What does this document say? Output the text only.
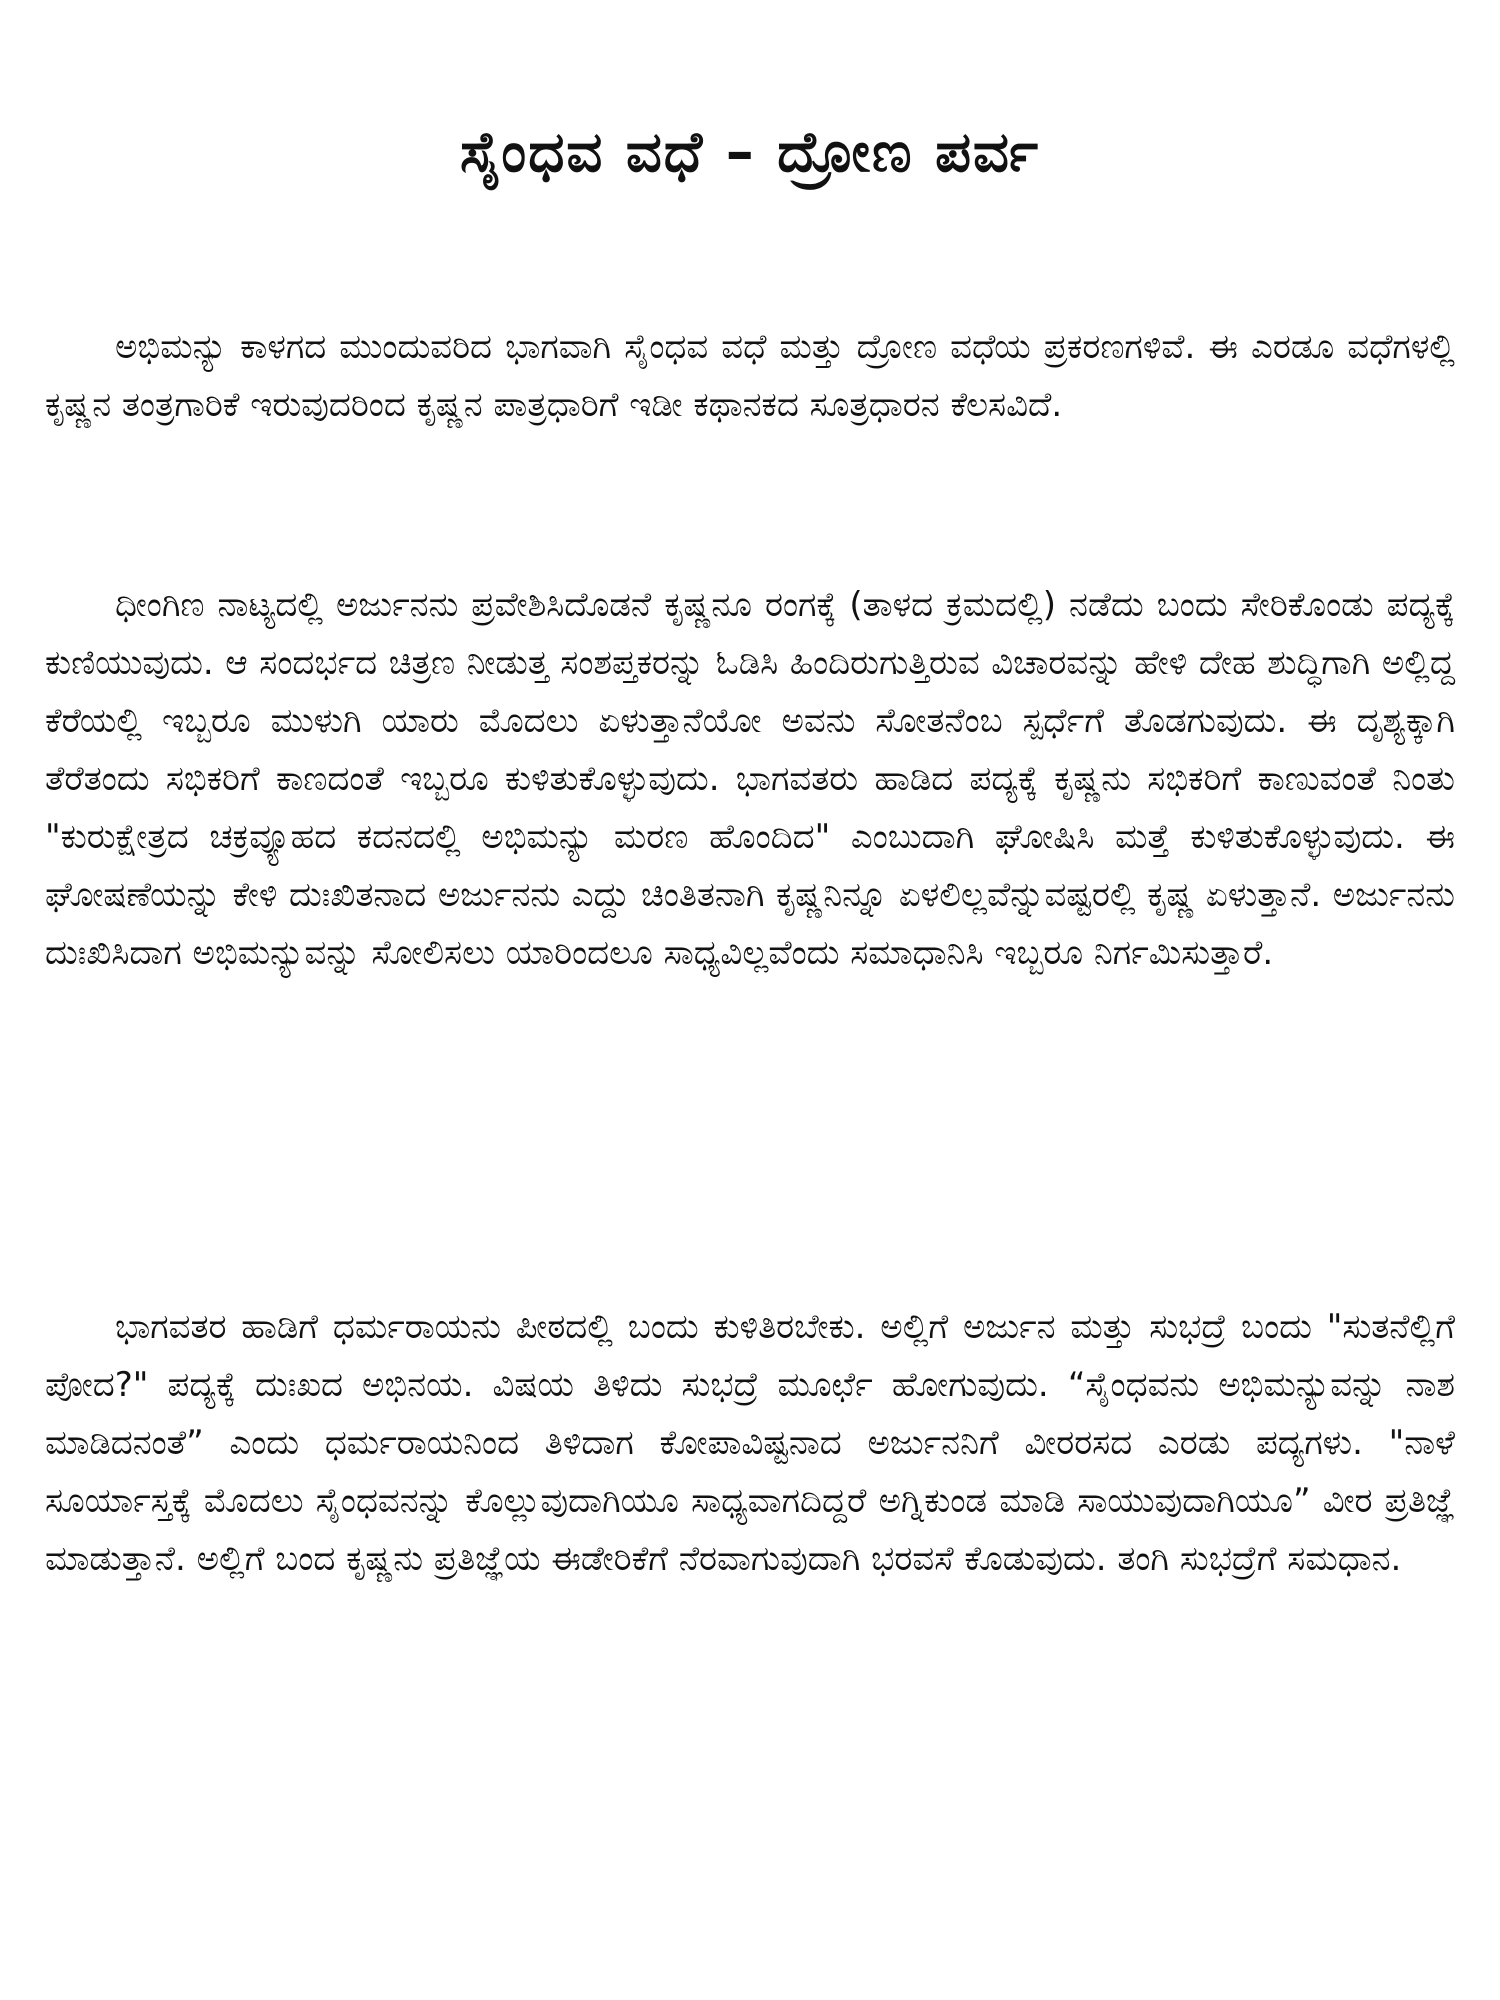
ಸೈಂಧವ ವಧೆ – ದ್ರೋಣ ಪರ್ವ

ಅಭಿಮನ್ಯು ಕಾಳಗದ ಮುಂದುವರಿದ ಭಾಗವಾಗಿ ಸೈಂಧವ ವಧೆ ಮತ್ತು ದ್ರೋಣ ವಧೆಯ ಪ್ರಕರಣಗಳಿವೆ. ಈ ಎರಡೂ ವಧೆಗಳಲ್ಲಿ ಕೃಷ್ಣನ ತಂತ್ರಗಾರಿಕೆ ಇರುವುದರಿಂದ ಕೃಷ್ಣನ ಪಾತ್ರಧಾರಿಗೆ ಇಡೀ ಕಥಾನಕದ ಸೂತ್ರಧಾರನ ಕೆಲಸವಿದೆ.

ಧೀಂಗಿಣ ನಾಟ್ಯದಲ್ಲಿ ಅರ್ಜುನನು ಪ್ರವೇಶಿಸಿದೊಡನೆ ಕೃಷ್ಣನೂ ರಂಗಕ್ಕೆ (ತಾಳದ ಕ್ರಮದಲ್ಲಿ) ನಡೆದು ಬಂದು ಸೇರಿಕೊಂಡು ಪದ್ಯಕ್ಕೆ ಕುಣಿಯುವುದು. ಆ ಸಂದರ್ಭದ ಚಿತ್ರಣ ನೀಡುತ್ತ ಸಂಶಪ್ತಕರನ್ನು ಓಡಿಸಿ ಹಿಂದಿರುಗುತ್ತಿರುವ ವಿಚಾರವನ್ನು ಹೇಳಿ ದೇಹ ಶುದ್ಧಿಗಾಗಿ ಅಲ್ಲಿದ್ದ ಕೆರೆಯಲ್ಲಿ ಇಬ್ಬರೂ ಮುಳುಗಿ ಯಾರು ಮೊದಲು ಏಳುತ್ತಾನೆಯೋ ಅವನು ಸೋತನೆಂಬ ಸ್ಪರ್ಧೆಗೆ ತೊಡಗುವುದು. ಈ ದೃಶ್ಯಕ್ಕಾಗಿ ತೆರೆತಂದು ಸಭಿಕರಿಗೆ ಕಾಣದಂತೆ ಇಬ್ಬರೂ ಕುಳಿತುಕೊಳ್ಳುವುದು. ಭಾಗವತರು ಹಾಡಿದ ಪದ್ಯಕ್ಕೆ ಕೃಷ್ಣನು ಸಭಿಕರಿಗೆ ಕಾಣುವಂತೆ ನಿಂತು "ಕುರುಕ್ಷೇತ್ರದ ಚಕ್ರವ್ಯೂಹದ ಕದನದಲ್ಲಿ ಅಭಿಮನ್ಯು ಮರಣ ಹೊಂದಿದ" ಎಂಬುದಾಗಿ ಘೋಷಿಸಿ ಮತ್ತೆ ಕುಳಿತುಕೊಳ್ಳುವುದು. ಈ ಘೋಷಣೆಯನ್ನು ಕೇಳಿ ದುಃಖಿತನಾದ ಅರ್ಜುನನು ಎದ್ದು ಚಿಂತಿತನಾಗಿ ಕೃಷ್ಣನಿನ್ನೂ ಏಳಲಿಲ್ಲವೆನ್ನುವಷ್ಟರಲ್ಲಿ ಕೃಷ್ಣ ಏಳುತ್ತಾನೆ. ಅರ್ಜುನನು ದುಃಖಿಸಿದಾಗ ಅಭಿಮನ್ಯುವನ್ನು ಸೋಲಿಸಲು ಯಾರಿಂದಲೂ ಸಾಧ್ಯವಿಲ್ಲವೆಂದು ಸಮಾಧಾನಿಸಿ ಇಬ್ಬರೂ ನಿರ್ಗಮಿಸುತ್ತಾರೆ.

ಭಾಗವತರ ಹಾಡಿಗೆ ಧರ್ಮರಾಯನು ಪೀಠದಲ್ಲಿ ಬಂದು ಕುಳಿತಿರಬೇಕು. ಅಲ್ಲಿಗೆ ಅರ್ಜುನ ಮತ್ತು ಸುಭದ್ರೆ ಬಂದು "ಸುತನೆಲ್ಲಿಗೆ ಪೋದ?" ಪದ್ಯಕ್ಕೆ ದುಃಖದ ಅಭಿನಯ. ವಿಷಯ ತಿಳಿದು ಸುಭದ್ರೆ ಮೂರ್ಛೆ ಹೋಗುವುದು. “ಸೈಂಧವನು ಅಭಿಮನ್ಯುವನ್ನು ನಾಶ ಮಾಡಿದನಂತೆ” ಎಂದು ಧರ್ಮರಾಯನಿಂದ ತಿಳಿದಾಗ ಕೋಪಾವಿಷ್ಟನಾದ ಅರ್ಜುನನಿಗೆ ವೀರರಸದ ಎರಡು ಪದ್ಯಗಳು. "ನಾಳೆ ಸೂರ್ಯಾಸ್ತಕ್ಕೆ ಮೊದಲು ಸೈಂಧವನನ್ನು ಕೊಲ್ಲುವುದಾಗಿಯೂ ಸಾಧ್ಯವಾಗದಿದ್ದರೆ ಅಗ್ನಿಕುಂಡ ಮಾಡಿ ಸಾಯುವುದಾಗಿಯೂ” ವೀರ ಪ್ರತಿಜ್ಞೆ ಮಾಡುತ್ತಾನೆ. ಅಲ್ಲಿಗೆ ಬಂದ ಕೃಷ್ಣನು ಪ್ರತಿಜ್ಞೆಯ ಈಡೇರಿಕೆಗೆ ನೆರವಾಗುವುದಾಗಿ ಭರವಸೆ ಕೊಡುವುದು. ತಂಗಿ ಸುಭದ್ರೆಗೆ ಸಮಧಾನ.
